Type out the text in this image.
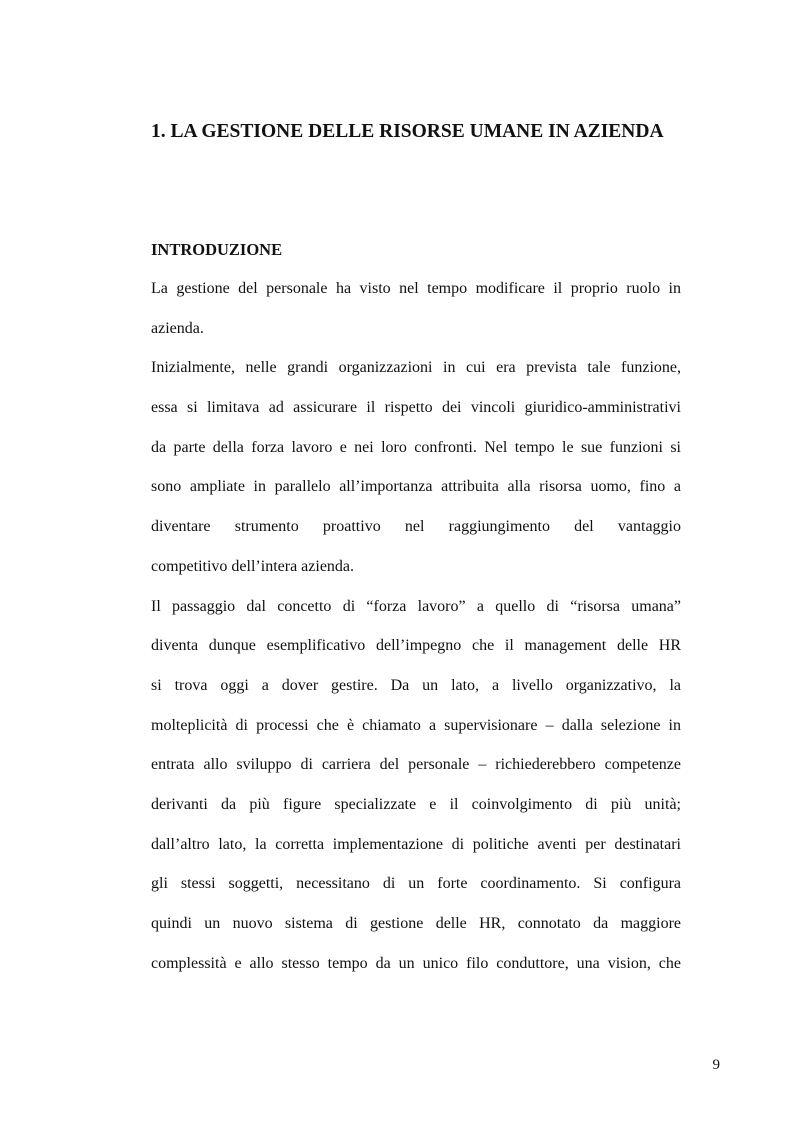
1. LA GESTIONE DELLE RISORSE UMANE IN AZIENDA
INTRODUZIONE
La gestione del personale ha visto nel tempo modificare il proprio ruolo in
azienda.
Inizialmente, nelle grandi organizzazioni in cui era prevista tale funzione,
essa si limitava ad assicurare il rispetto dei vincoli giuridico-amministrativi
da parte della forza lavoro e nei loro confronti. Nel tempo le sue funzioni si
sono ampliate in parallelo all’importanza attribuita alla risorsa uomo, fino a
diventare strumento proattivo nel raggiungimento del vantaggio
competitivo dell’intera azienda.
Il passaggio dal concetto di “forza lavoro” a quello di “risorsa umana”
diventa dunque esemplificativo dell’impegno che il management delle HR
si trova oggi a dover gestire. Da un lato, a livello organizzativo, la
molteplicità di processi che è chiamato a supervisionare – dalla selezione in
entrata allo sviluppo di carriera del personale – richiederebbero competenze
derivanti da più figure specializzate e il coinvolgimento di più unità;
dall’altro lato, la corretta implementazione di politiche aventi per destinatari
gli stessi soggetti, necessitano di un forte coordinamento. Si configura
quindi un nuovo sistema di gestione delle HR, connotato da maggiore
complessità e allo stesso tempo da un unico filo conduttore, una vision, che
9
